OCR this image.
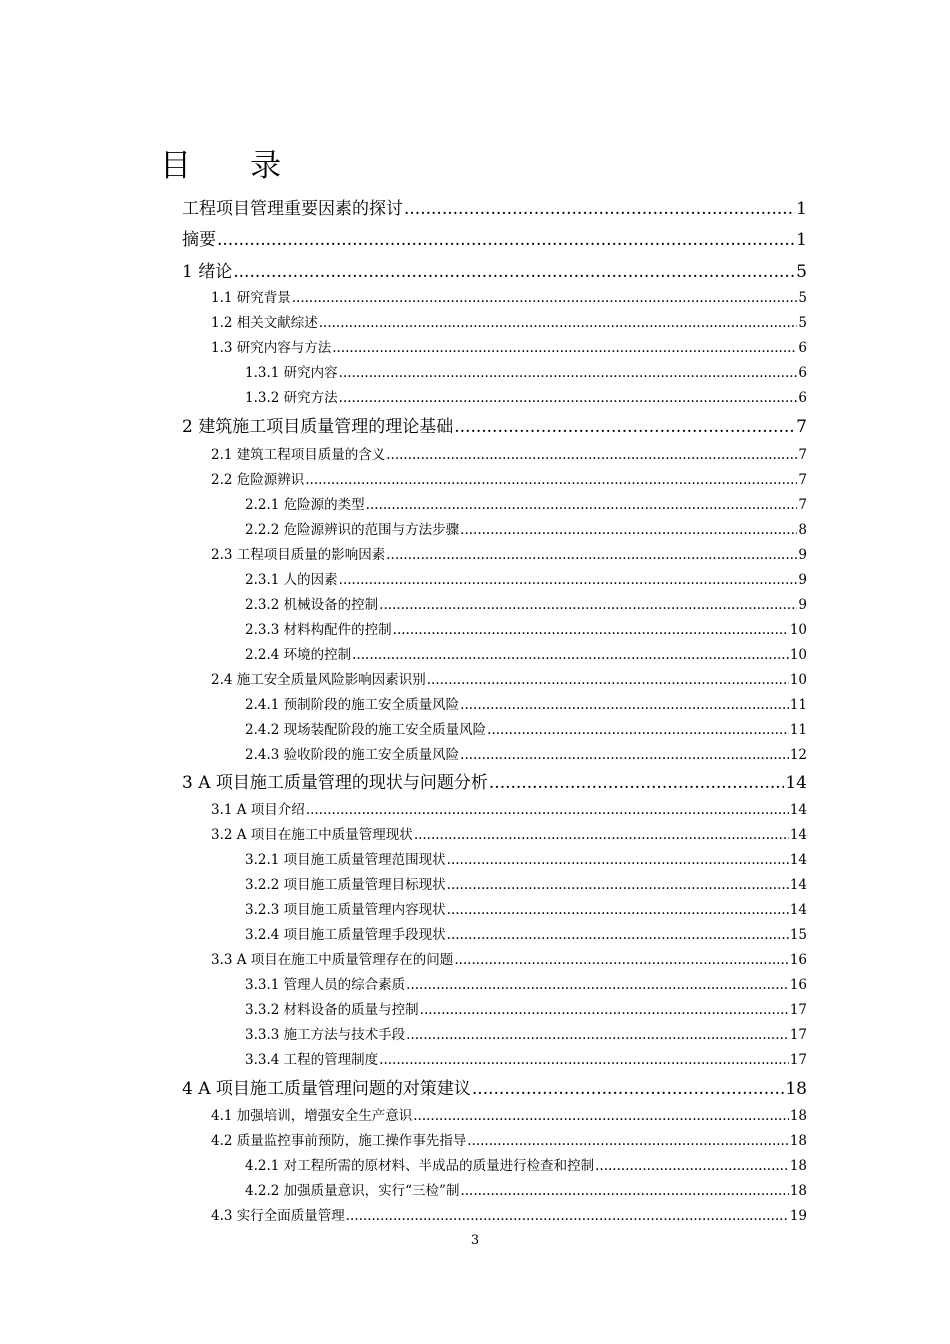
目      录
工程项目管理重要因素的探讨 .....	1
摘要 .....	1
1 绪论 .....	5
1.1 研究背景 .....	5
1.2 相关文献综述 .....	5
1.3 研究内容与方法 .....	6
1.3.1 研究内容 .....	6
1.3.2 研究方法 .....	6
2 建筑施工项目质量管理的理论基础 .....	7
2.1 建筑工程项目质量的含义 .....	7
2.2 危险源辨识 .....	7
2.2.1 危险源的类型 .....	7
2.2.2 危险源辨识的范围与方法步骤 .....	8
2.3 工程项目质量的影响因素 .....	9
2.3.1 人的因素 .....	9
2.3.2 机械设备的控制 .....	9
2.3.3 材料构配件的控制 .....	10
2.2.4 环境的控制 .....	10
2.4 施工安全质量风险影响因素识别 .....	10
2.4.1 预制阶段的施工安全质量风险 .....	11
2.4.2 现场装配阶段的施工安全质量风险 .....	11
2.4.3 验收阶段的施工安全质量风险 .....	12
3 A 项目施工质量管理的现状与问题分析 .....	14
3.1 A 项目介绍 .....	14
3.2 A 项目在施工中质量管理现状 .....	14
3.2.1 项目施工质量管理范围现状 .....	14
3.2.2 项目施工质量管理目标现状 .....	14
3.2.3 项目施工质量管理内容现状 .....	14
3.2.4 项目施工质量管理手段现状 .....	15
3.3 A 项目在施工中质量管理存在的问题 .....	16
3.3.1 管理人员的综合素质 .....	16
3.3.2 材料设备的质量与控制 .....	17
3.3.3 施工方法与技术手段 .....	17
3.3.4 工程的管理制度 .....	17
4 A 项目施工质量管理问题的对策建议 .....	18
4.1 加强培训，增强安全生产意识 .....	18
4.2 质量监控事前预防，施工操作事先指导 .....	18
4.2.1 对工程所需的原材料、半成品的质量进行检查和控制 .....	18
4.2.2 加强质量意识，实行“三检”制 .....	18
4.3 实行全面质量管理 .....	19
3
